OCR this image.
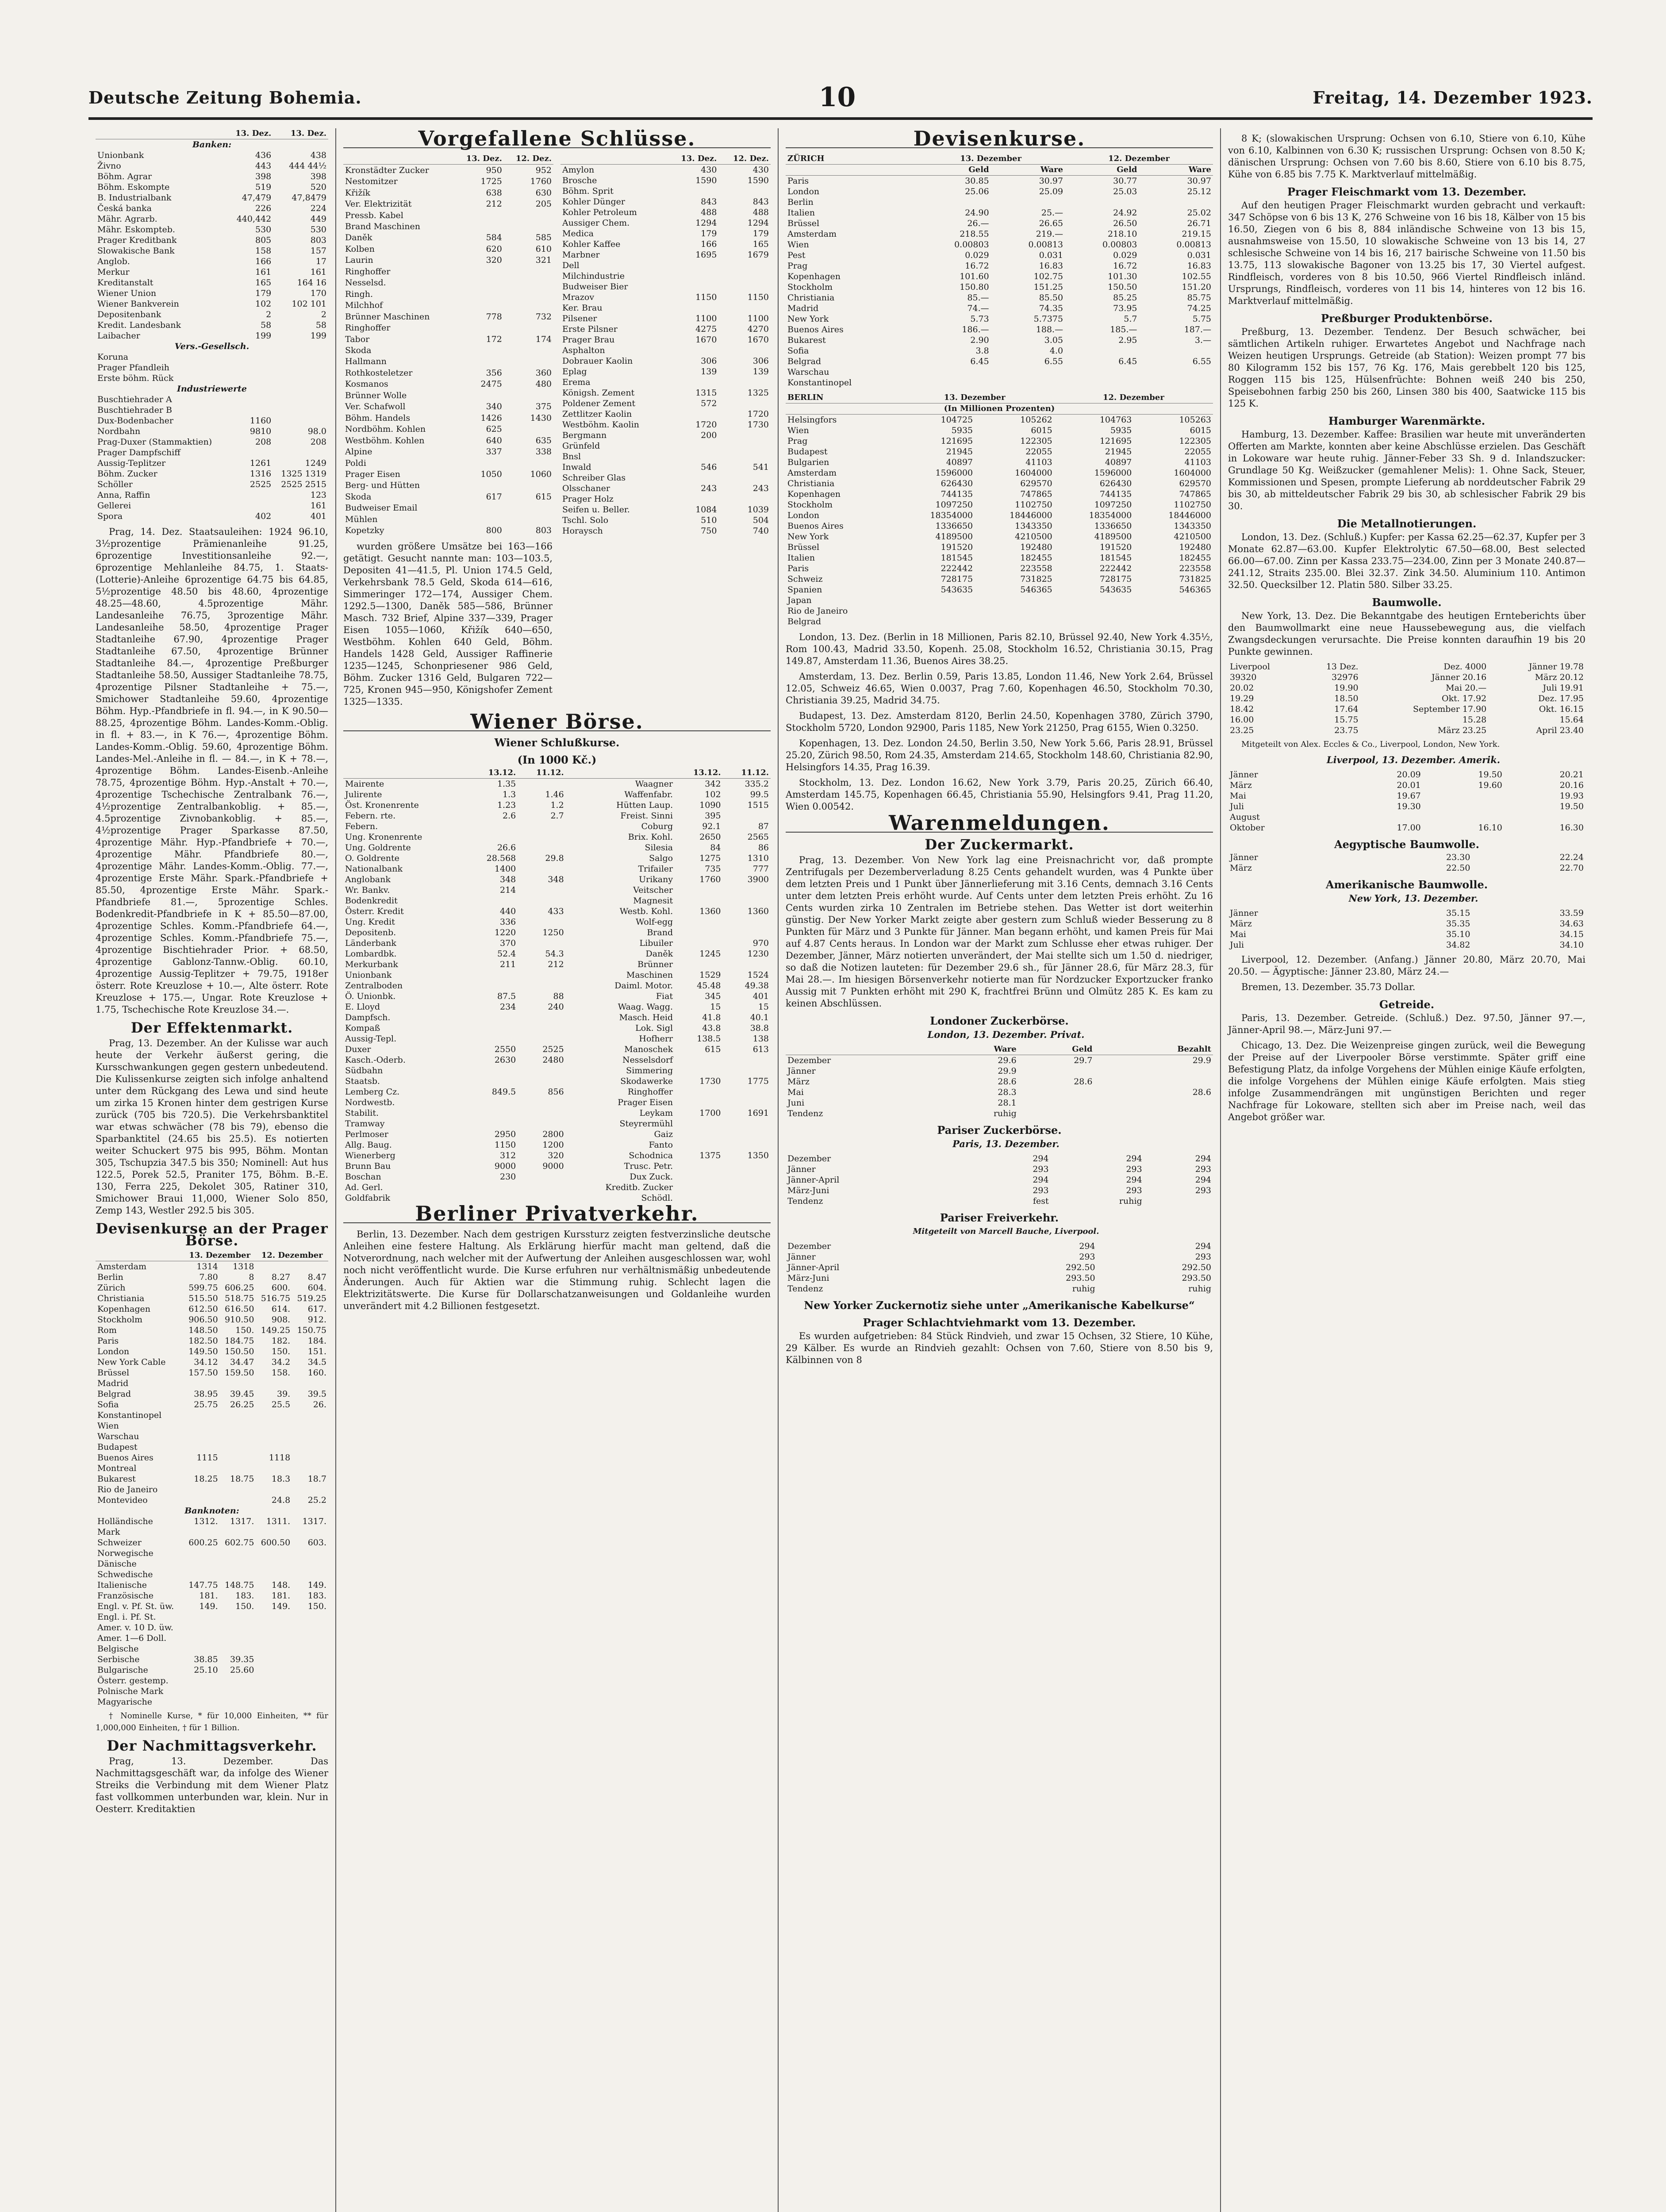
Deutsche Zeitung Bohemia.	10	Freitag, 14. Dezember 1923.
	13. Dez.	13. Dez.
Banken:		
Unionbank	436	438
Živno	443	444 44½
Böhm. Agrar	398	398
Böhm. Eskompte	519	520
B. Industrialbank	47,479	47,8479
Česká banka	226	224
Mähr. Agrarb.	440,442	449
Mähr. Eskompteb.	530	530
Prager Kreditbank	805	803
Slowakische Bank	158	157
Anglob.	166	17
Merkur	161	161
Kreditanstalt	165	164 16
Wiener Union	179	170
Wiener Bankverein	102	102 101
Depositenbank	2	2
Kredit. Landesbank	58	58
Laibacher	199	199
Vers.-Gesellsch.		
Koruna		
Prager Pfandleih		
Erste böhm. Rück		
Industriewerte		
Buschtiehrader A		
Buschtiehrader B		
Dux-Bodenbacher	1160	
Nordbahn	9810	98.0
Prag-Duxer (Stammaktien)	208	208
Prager Dampfschiff		
Aussig-Teplitzer	1261	1249
Böhm. Zucker	1316	1325 1319
Schöller	2525	2525 2515
Anna, Raffin		123
Gellerei		161
Spora	402	401

Prag, 14. Dez. Staatsauleihen: 1924 96.10, 3½prozentige Prämienanleihe 91.25, 6prozentige Investitionsanleihe 92.—, 6prozentige Mehlanleihe 84.75, 1. Staats-(Lotterie)-Anleihe 6prozentige 64.75 bis 64.85, 5½prozentige 48.50 bis 48.60, 4prozentige 48.25—48.60, 4.5prozentige Mähr. Landesanleihe 76.75, 3prozentige Mähr. Landesanleihe 58.50, 4prozentige Prager Stadtanleihe 67.90, 4prozentige Prager Stadtanleihe 67.50, 4prozentige Brünner Stadtanleihe 84.—, 4prozentige Preßburger Stadtanleihe 58.50, Aussiger Stadtanleihe 78.75, 4prozentige Pilsner Stadtanleihe + 75.—, Smichower Stadtanleihe 59.60, 4prozentige Böhm. Hyp.-Pfandbriefe in fl. 94.—, in K 90.50—88.25, 4prozentige Böhm. Landes-Komm.-Oblig. in fl. + 83.—, in K 76.—, 4prozentige Böhm. Landes-Komm.-Oblig. 59.60, 4prozentige Böhm. Landes-Mel.-Anleihe in fl. — 84.—, in K + 78.—, 4prozentige Böhm. Landes-Eisenb.-Anleihe 78.75, 4prozentige Böhm. Hyp.-Anstalt + 70.—, 4prozentige Tschechische Zentralbank 76.—, 4½prozentige Zentralbankoblig. + 85.—, 4.5prozentige Zivnobankoblig. + 85.—, 4½prozentige Prager Sparkasse 87.50, 4prozentige Mähr. Hyp.-Pfandbriefe + 70.—, 4prozentige Mähr. Pfandbriefe 80.—, 4prozentige Mähr. Landes-Komm.-Oblig. 77.—, 4prozentige Erste Mähr. Spark.-Pfandbriefe + 85.50, 4prozentige Erste Mähr. Spark.-Pfandbriefe 81.—, 5prozentige Schles. Bodenkredit-Pfandbriefe in K + 85.50—87.00, 4prozentige Schles. Komm.-Pfandbriefe 64.—, 4prozentige Schles. Komm.-Pfandbriefe 75.—, 4prozentige Bischtiehrader Prior. + 68.50, 4prozentige Gablonz-Tannw.-Oblig. 60.10, 4prozentige Aussig-Teplitzer + 79.75, 1918er österr. Rote Kreuzlose + 10.—, Alte österr. Rote Kreuzlose + 175.—, Ungar. Rote Kreuzlose + 1.75, Tschechische Rote Kreuzlose 34.—.

Der Effektenmarkt.

Prag, 13. Dezember. An der Kulisse war auch heute der Verkehr äußerst gering, die Kursschwankungen gegen gestern unbedeutend. Die Kulissenkurse zeigten sich infolge anhaltend unter dem Rückgang des Lewa und sind heute um zirka 15 Kronen hinter dem gestrigen Kurse zurück (705 bis 720.5). Die Verkehrsbanktitel war etwas schwächer (78 bis 79), ebenso die Sparbanktitel (24.65 bis 25.5). Es notierten weiter Schuckert 975 bis 995, Böhm. Montan 305, Tschupzia 347.5 bis 350; Nominell: Aut hus 122.5, Porek 52.5, Praniter 175, Böhm. B.-E. 130, Ferra 225, Dekolet 305, Ratiner 310, Smichower Braui 11,000, Wiener Solo 850, Zemp 143, Westler 292.5 bis 305.

Devisenkurse an der Prager Börse.
	13. Dezember		12. Dezember	
Amsterdam	1314	1318		
Berlin	7.80	8	8.27	8.47
Zürich	599.75	606.25	600.	604.
Christiania	515.50	518.75	516.75	519.25
Kopenhagen	612.50	616.50	614.	617.
Stockholm	906.50	910.50	908.	912.
Rom	148.50	150.	149.25	150.75
Paris	182.50	184.75	182.	184.
London	149.50	150.50	150.	151.
New York Cable	34.12	34.47	34.2	34.5
Brüssel	157.50	159.50	158.	160.
Madrid				
Belgrad	38.95	39.45	39.	39.5
Sofia	25.75	26.25	25.5	26.
Konstantinopel				
Wien				
Warschau				
Budapest				
Buenos Aires	1115		1118	
Montreal				
Bukarest	18.25	18.75	18.3	18.7
Rio de Janeiro				
Montevideo			24.8	25.2
Banknoten:				
Holländische	1312.	1317.	1311.	1317.
Mark				
Schweizer	600.25	602.75	600.50	603.
Norwegische				
Dänische				
Schwedische				
Italienische	147.75	148.75	148.	149.
Französische	181.	183.	181.	183.
Engl. v. Pf. St. üw.	149.	150.	149.	150.
Engl. i. Pf. St.				
Amer. v. 10 D. üw.				
Amer. 1—6 Doll.				
Belgische				
Serbische	38.85	39.35		
Bulgarische	25.10	25.60		
Österr. gestemp.				
Polnische Mark				
Magyarische				

† Nominelle Kurse, * für 10,000 Einheiten, ** für 1,000,000 Einheiten, † für 1 Billion.

Der Nachmittagsverkehr.

Prag, 13. Dezember. Das Nachmittagsgeschäft war, da infolge des Wiener Streiks die Verbindung mit dem Wiener Platz fast vollkommen unterbunden war, klein. Nur in Oesterr. Kreditaktien

Vorgefallene Schlüsse.
	13. Dez.	12. Dez.
Kronstädter Zucker	950	952
Nestomitzer	1725	1760
Křižík	638	630
Ver. Elektrizität	212	205
Pressb. Kabel		
Brand Maschinen		
Daněk	584	585
Kolben	620	610
Laurin	320	321
Ringhoffer		
Nesselsd.		
Ringh.		
Milchhof		
Brünner Maschinen	778	732
Ringhoffer		
Tabor	172	174
Skoda		
Hallmann		
Rothkosteletzer	356	360
Kosmanos	2475	480
Brünner Wolle		
Ver. Schafwoll	340	375
Böhm. Handels	1426	1430
Nordböhm. Kohlen	625	
Westböhm. Kohlen	640	635
Alpine	337	338
Poldi		
Prager Eisen	1050	1060
Berg- und Hütten		
Skoda	617	615
Budweiser Email		
Mühlen		
Kopetzky	800	803
	13. Dez.	12. Dez.
Amylon	430	430
Brosche	1590	1590
Böhm. Sprit		
Kohler Dünger	843	843
Kohler Petroleum	488	488
Aussiger Chem.	1294	1294
Medica	179	179
Kohler Kaffee	166	165
Marbner	1695	1679
Dell		
Milchindustrie		
Budweiser Bier		
Mrazov	1150	1150
Ker. Brau		
Pilsener	1100	1100
Erste Pilsner	4275	4270
Prager Brau	1670	1670
Asphalton		
Dobrauer Kaolin	306	306
Eplag	139	139
Erema		
Königsh. Zement	1315	1325
Poldener Zement	572	
Zettlitzer Kaolin		1720
Westböhm. Kaolin	1720	1730
Bergmann	200	
Grünfeld		
Bnsl		
Inwald	546	541
Schreiber Glas		
Olsschaner	243	243
Prager Holz		
Seifen u. Beller.	1084	1039
Tschl. Solo	510	504
Horaysch	750	740

wurden größere Umsätze bei 163—166 getätigt. Gesucht nannte man: 103—103.5, Depositen 41—41.5, Pl. Union 174.5 Geld, Verkehrsbank 78.5 Geld, Skoda 614—616, Simmeringer 172—174, Aussiger Chem. 1292.5—1300, Daněk 585—586, Brünner Masch. 732 Brief, Alpine 337—339, Prager Eisen 1055—1060, Křižík 640—650, Westböhm. Kohlen 640 Geld, Böhm. Handels 1428 Geld, Aussiger Raffinerie 1235—1245, Schonpriesener 986 Geld, Böhm. Zucker 1316 Geld, Bulgaren 722—725, Kronen 945—950, Königshofer Zement 1325—1335.

Wiener Börse.
Wiener Schlußkurse.
(In 1000 Kč.)
	13.12.	11.12.		13.12.	11.12.
Mairente	1.35		Waagner	342	335.2
Julirente	1.3	1.46	Waffenfabr.	102	99.5
Öst. Kronenrente	1.23	1.2	Hütten Laup.	1090	1515
Febern. rte.	2.6	2.7	Freist. Sinni	395	
Febern.			Coburg	92.1	87
Ung. Kronenrente			Brix. Kohl.	2650	2565
Ung. Goldrente	26.6		Silesia	84	86
O. Goldrente	28.568	29.8	Salgo	1275	1310
Nationalbank	1400		Trifailer	735	777
Anglobank	348	348	Urikany	1760	3900
Wr. Bankv.	214		Veitscher		
Bodenkredit			Magnesit		
Österr. Kredit	440	433	Westb. Kohl.	1360	1360
Ung. Kredit	336		Wolf-egg		
Depositenb.	1220	1250	Brand		
Länderbank	370		Libuiler		970
Lombardbk.	52.4	54.3	Daněk	1245	1230
Merkurbank	211	212	Brünner		
Unionbank			Maschinen	1529	1524
Zentralboden			Daiml. Motor.	45.48	49.38
Ö. Unionbk.	87.5	88	Fiat	345	401
E. Lloyd	234	240	Waag. Wagg.	15	15
Dampfsch.			Masch. Heid	41.8	40.1
Kompaß			Lok. Sigl	43.8	38.8
Aussig-Tepl.			Hofherr	138.5	138
Duxer	2550	2525	Manoschek	615	613
Kasch.-Oderb.	2630	2480	Nesselsdorf		
Südbahn			Simmering		
Staatsb.			Skodawerke	1730	1775
Lemberg Cz.	849.5	856	Ringhoffer		
Nordwestb.			Prager Eisen		
Stabilit.			Leykam	1700	1691
Tramway			Steyrermühl		
Perlmoser	2950	2800	Gaiz		
Allg. Baug.	1150	1200	Fanto		
Wienerberg	312	320	Schodnica	1375	1350
Brunn Bau	9000	9000	Trusc. Petr.		
Boschan	230		Dux Zuck.		
Ad. Gerl.			Kreditb. Zucker		
Goldfabrik			Schödl.		
Berliner Privatverkehr.

Berlin, 13. Dezember. Nach dem gestrigen Kurssturz zeigten festverzinsliche deutsche Anleihen eine festere Haltung. Als Erklärung hierfür macht man geltend, daß die Notverordnung, nach welcher mit der Aufwertung der Anleihen ausgeschlossen war, wohl noch nicht veröffentlicht wurde. Die Kurse erfuhren nur verhältnismäßig unbedeutende Änderungen. Auch für Aktien war die Stimmung ruhig. Schlecht lagen die Elektrizitätswerte. Die Kurse für Dollarschatzanweisungen und Goldanleihe wurden unverändert mit 4.2 Billionen festgesetzt.

Devisenkurse.
ZÜRICH	13. Dezember		12. Dezember	
	Geld	Ware	Geld	Ware
Paris	30.85	30.97	30.77	30.97
London	25.06	25.09	25.03	25.12
Berlin				
Italien	24.90	25.—	24.92	25.02
Brüssel	26.—	26.65	26.50	26.71
Amsterdam	218.55	219.—	218.10	219.15
Wien	0.00803	0.00813	0.00803	0.00813
Pest	0.029	0.031	0.029	0.031
Prag	16.72	16.83	16.72	16.83
Kopenhagen	101.60	102.75	101.30	102.55
Stockholm	150.80	151.25	150.50	151.20
Christiania	85.—	85.50	85.25	85.75
Madrid	74.—	74.35	73.95	74.25
New York	5.73	5.7375	5.7	5.75
Buenos Aires	186.—	188.—	185.—	187.—
Bukarest	2.90	3.05	2.95	3.—
Sofia	3.8	4.0		
Belgrad	6.45	6.55	6.45	6.55
Warschau				
Konstantinopel				
BERLIN	13. Dezember		12. Dezember	
(In Millionen Prozenten)				
Helsingfors	104725	105262	104763	105263
Wien	5935	6015	5935	6015
Prag	121695	122305	121695	122305
Budapest	21945	22055	21945	22055
Bulgarien	40897	41103	40897	41103
Amsterdam	1596000	1604000	1596000	1604000
Christiania	626430	629570	626430	629570
Kopenhagen	744135	747865	744135	747865
Stockholm	1097250	1102750	1097250	1102750
London	18354000	18446000	18354000	18446000
Buenos Aires	1336650	1343350	1336650	1343350
New York	4189500	4210500	4189500	4210500
Brüssel	191520	192480	191520	192480
Italien	181545	182455	181545	182455
Paris	222442	223558	222442	223558
Schweiz	728175	731825	728175	731825
Spanien	543635	546365	543635	546365
Japan				
Rio de Janeiro				
Belgrad				

London, 13. Dez. (Berlin in 18 Millionen, Paris 82.10, Brüssel 92.40, New York 4.35½, Rom 100.43, Madrid 33.50, Kopenh. 25.08, Stockholm 16.52, Christiania 30.15, Prag 149.87, Amsterdam 11.36, Buenos Aires 38.25.

Amsterdam, 13. Dez. Berlin 0.59, Paris 13.85, London 11.46, New York 2.64, Brüssel 12.05, Schweiz 46.65, Wien 0.0037, Prag 7.60, Kopenhagen 46.50, Stockholm 70.30, Christiania 39.25, Madrid 34.75.

Budapest, 13. Dez. Amsterdam 8120, Berlin 24.50, Kopenhagen 3780, Zürich 3790, Stockholm 5720, London 92900, Paris 1185, New York 21250, Prag 6155, Wien 0.3250.

Kopenhagen, 13. Dez. London 24.50, Berlin 3.50, New York 5.66, Paris 28.91, Brüssel 25.20, Zürich 98.50, Rom 24.35, Amsterdam 214.65, Stockholm 148.60, Christiania 82.90, Helsingfors 14.35, Prag 16.39.

Stockholm, 13. Dez. London 16.62, New York 3.79, Paris 20.25, Zürich 66.40, Amsterdam 145.75, Kopenhagen 66.45, Christiania 55.90, Helsingfors 9.41, Prag 11.20, Wien 0.00542.

Warenmeldungen.
Der Zuckermarkt.

Prag, 13. Dezember. Von New York lag eine Preisnachricht vor, daß prompte Zentrifugals per Dezemberverladung 8.25 Cents gehandelt wurden, was 4 Punkte über dem letzten Preis und 1 Punkt über Jännerlieferung mit 3.16 Cents, demnach 3.16 Cents unter dem letzten Preis erhöht wurde. Auf Cents unter dem letzten Preis erhöht. Zu 16 Cents wurden zirka 10 Zentralen im Betriebe stehen. Das Wetter ist dort weiterhin günstig. Der New Yorker Markt zeigte aber gestern zum Schluß wieder Besserung zu 8 Punkten für März und 3 Punkte für Jänner. Man begann erhöht, und kamen Preis für Mai auf 4.87 Cents heraus. In London war der Markt zum Schlusse eher etwas ruhiger. Der Dezember, Jänner, März notierten unverändert, der Mai stellte sich um 1.50 d. niedriger, so daß die Notizen lauteten: für Dezember 29.6 sh., für Jänner 28.6, für März 28.3, für Mai 28.—. Im hiesigen Börsenverkehr notierte man für Nordzucker Exportzucker franko Aussig mit 7 Punkten erhöht mit 290 K, frachtfrei Brünn und Olmütz 285 K. Es kam zu keinen Abschlüssen.

Londoner Zuckerbörse.

London, 13. Dezember. Privat.

	Ware	Geld	Bezahlt
Dezember	29.6	29.7	29.9
Jänner	29.9		
März	28.6	28.6	
Mai	28.3		28.6
Juni	28.1		
Tendenz	ruhig		
Pariser Zuckerbörse.

Paris, 13. Dezember.

Dezember	294	294	294
Jänner	293	293	293
Jänner-April	294	294	294
März-Juni	293	293	293
Tendenz	fest	ruhig	
Pariser Freiverkehr.

Mitgeteilt von Marcell Bauche, Liverpool.

Dezember	294	294
Jänner	293	293
Jänner-April	292.50	292.50
März-Juni	293.50	293.50
Tendenz	ruhig	ruhig
New Yorker Zuckernotiz siehe unter „Amerikanische Kabelkurse“
Prager Schlachtviehmarkt vom 13. Dezember.

Es wurden aufgetrieben: 84 Stück Rindvieh, und zwar 15 Ochsen, 32 Stiere, 10 Kühe, 29 Kälber. Es wurde an Rindvieh gezahlt: Ochsen von 7.60, Stiere von 8.50 bis 9, Kälbinnen von 8

8 K; (slowakischen Ursprung: Ochsen von 6.10, Stiere von 6.10, Kühe von 6.10, Kalbinnen von 6.30 K; russischen Ursprung: Ochsen von 8.50 K; dänischen Ursprung: Ochsen von 7.60 bis 8.60, Stiere von 6.10 bis 8.75, Kühe von 6.85 bis 7.75 K. Marktverlauf mittelmäßig.

Prager Fleischmarkt vom 13. Dezember.

Auf den heutigen Prager Fleischmarkt wurden gebracht und verkauft: 347 Schöpse von 6 bis 13 K, 276 Schweine von 16 bis 18, Kälber von 15 bis 16.50, Ziegen von 6 bis 8, 884 inländische Schweine von 13 bis 15, ausnahmsweise von 15.50, 10 slowakische Schweine von 13 bis 14, 27 schlesische Schweine von 14 bis 16, 217 bairische Schweine von 11.50 bis 13.75, 113 slowakische Bagoner von 13.25 bis 17, 30 Viertel aufgest. Rindfleisch, vorderes von 8 bis 10.50, 966 Viertel Rindfleisch inländ. Ursprungs, Rindfleisch, vorderes von 11 bis 14, hinteres von 12 bis 16. Marktverlauf mittelmäßig.

Preßburger Produktenbörse.

Preßburg, 13. Dezember. Tendenz. Der Besuch schwächer, bei sämtlichen Artikeln ruhiger. Erwartetes Angebot und Nachfrage nach Weizen heutigen Ursprungs. Getreide (ab Station): Weizen prompt 77 bis 80 Kilogramm 152 bis 157, 76 Kg. 176, Mais gerebbelt 120 bis 125, Roggen 115 bis 125, Hülsenfrüchte: Bohnen weiß 240 bis 250, Speisebohnen farbig 250 bis 260, Linsen 380 bis 400, Saatwicke 115 bis 125 K.

Hamburger Warenmärkte.

Hamburg, 13. Dezember. Kaffee: Brasilien war heute mit unveränderten Offerten am Markte, konnten aber keine Abschlüsse erzielen. Das Geschäft in Lokoware war heute ruhig. Jänner-Feber 33 Sh. 9 d. Inlandszucker: Grundlage 50 Kg. Weißzucker (gemahlener Melis): 1. Ohne Sack, Steuer, Kommissionen und Spesen, prompte Lieferung ab norddeutscher Fabrik 29 bis 30, ab mitteldeutscher Fabrik 29 bis 30, ab schlesischer Fabrik 29 bis 30.

Die Metallnotierungen.

London, 13. Dez. (Schluß.) Kupfer: per Kassa 62.25—62.37, Kupfer per 3 Monate 62.87—63.00. Kupfer Elektrolytic 67.50—68.00, Best selected 66.00—67.00. Zinn per Kassa 233.75—234.00, Zinn per 3 Monate 240.87—241.12, Straits 235.00. Blei 32.37. Zink 34.50. Aluminium 110. Antimon 32.50. Quecksilber 12. Platin 580. Silber 33.25.

Baumwolle.

New York, 13. Dez. Die Bekanntgabe des heutigen Ernteberichts über den Baumwollmarkt eine neue Haussebewegung aus, die vielfach Zwangsdeckungen verursachte. Die Preise konnten daraufhin 19 bis 20 Punkte gewinnen.

Liverpool	13 Dez.	Dez. 4000	Jänner 19.78
39320	32976	Jänner 20.16	März 20.12
20.02	19.90	Mai 20.—	Juli 19.91
19.29	18.50	Okt. 17.92	Dez. 17.95
18.42	17.64	September 17.90	Okt. 16.15
16.00	15.75	15.28	15.64
23.25	23.75	März 23.25	April 23.40

Mitgeteilt von Alex. Eccles & Co., Liverpool, London, New York.

Liverpool, 13. Dezember. Amerik.

Jänner	20.09	19.50	20.21
März	20.01	19.60	20.16
Mai	19.67		19.93
Juli	19.30		19.50
August			
Oktober	17.00	16.10	16.30
Aegyptische Baumwolle.
Jänner	23.30	22.24
März	22.50	22.70
Amerikanische Baumwolle.

New York, 13. Dezember.

Jänner	35.15	33.59
März	35.35	34.63
Mai	35.10	34.15
Juli	34.82	34.10

Liverpool, 12. Dezember. (Anfang.) Jänner 20.80, März 20.70, Mai 20.50. — Ägyptische: Jänner 23.80, März 24.—

Bremen, 13. Dezember. 35.73 Dollar.

Getreide.

Paris, 13. Dezember. Getreide. (Schluß.) Dez. 97.50, Jänner 97.—, Jänner-April 98.—, März-Juni 97.—

Chicago, 13. Dez. Die Weizenpreise gingen zurück, weil die Bewegung der Preise auf der Liverpooler Börse verstimmte. Später griff eine Befestigung Platz, da infolge Vorgehens der Mühlen einige Käufe erfolgten, die infolge Vorgehens der Mühlen einige Käufe erfolgten. Mais stieg infolge Zusammendrängen mit ungünstigen Berichten und reger Nachfrage für Lokoware, stellten sich aber im Preise nach, weil das Angebot größer war.
